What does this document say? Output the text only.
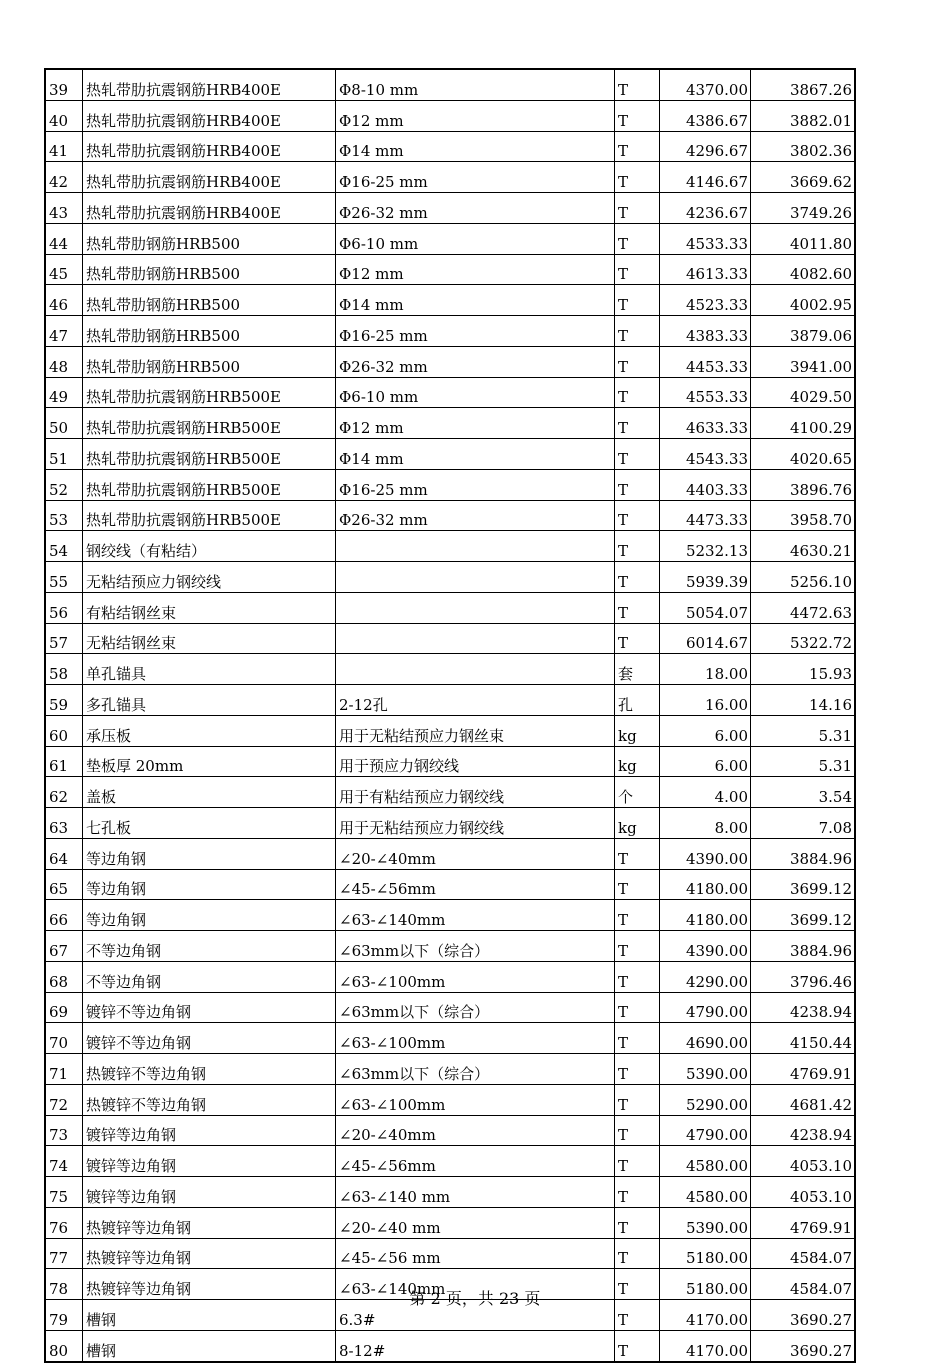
39	热轧带肋抗震钢筋HRB400E	Φ8-10 mm	T	4370.00	3867.26
40	热轧带肋抗震钢筋HRB400E	Φ12 mm	T	4386.67	3882.01
41	热轧带肋抗震钢筋HRB400E	Φ14 mm	T	4296.67	3802.36
42	热轧带肋抗震钢筋HRB400E	Φ16-25 mm	T	4146.67	3669.62
43	热轧带肋抗震钢筋HRB400E	Φ26-32 mm	T	4236.67	3749.26
44	热轧带肋钢筋HRB500	Φ6-10 mm	T	4533.33	4011.80
45	热轧带肋钢筋HRB500	Φ12 mm	T	4613.33	4082.60
46	热轧带肋钢筋HRB500	Φ14 mm	T	4523.33	4002.95
47	热轧带肋钢筋HRB500	Φ16-25 mm	T	4383.33	3879.06
48	热轧带肋钢筋HRB500	Φ26-32 mm	T	4453.33	3941.00
49	热轧带肋抗震钢筋HRB500E	Φ6-10 mm	T	4553.33	4029.50
50	热轧带肋抗震钢筋HRB500E	Φ12 mm	T	4633.33	4100.29
51	热轧带肋抗震钢筋HRB500E	Φ14 mm	T	4543.33	4020.65
52	热轧带肋抗震钢筋HRB500E	Φ16-25 mm	T	4403.33	3896.76
53	热轧带肋抗震钢筋HRB500E	Φ26-32 mm	T	4473.33	3958.70
54	钢绞线（有粘结）		T	5232.13	4630.21
55	无粘结预应力钢绞线		T	5939.39	5256.10
56	有粘结钢丝束		T	5054.07	4472.63
57	无粘结钢丝束		T	6014.67	5322.72
58	单孔锚具		套	18.00	15.93
59	多孔锚具	2-12孔	孔	16.00	14.16
60	承压板	用于无粘结预应力钢丝束	kg	6.00	5.31
61	垫板厚 20mm	用于预应力钢绞线	kg	6.00	5.31
62	盖板	用于有粘结预应力钢绞线	个	4.00	3.54
63	七孔板	用于无粘结预应力钢绞线	kg	8.00	7.08
64	等边角钢	∠20-∠40mm	T	4390.00	3884.96
65	等边角钢	∠45-∠56mm	T	4180.00	3699.12
66	等边角钢	∠63-∠140mm	T	4180.00	3699.12
67	不等边角钢	∠63mm以下（综合）	T	4390.00	3884.96
68	不等边角钢	∠63-∠100mm	T	4290.00	3796.46
69	镀锌不等边角钢	∠63mm以下（综合）	T	4790.00	4238.94
70	镀锌不等边角钢	∠63-∠100mm	T	4690.00	4150.44
71	热镀锌不等边角钢	∠63mm以下（综合）	T	5390.00	4769.91
72	热镀锌不等边角钢	∠63-∠100mm	T	5290.00	4681.42
73	镀锌等边角钢	∠20-∠40mm	T	4790.00	4238.94
74	镀锌等边角钢	∠45-∠56mm	T	4580.00	4053.10
75	镀锌等边角钢	∠63-∠140 mm	T	4580.00	4053.10
76	热镀锌等边角钢	∠20-∠40 mm	T	5390.00	4769.91
77	热镀锌等边角钢	∠45-∠56 mm	T	5180.00	4584.07
78	热镀锌等边角钢	∠63-∠140mm	T	5180.00	4584.07
79	槽钢	6.3#	T	4170.00	3690.27
80	槽钢	8-12#	T	4170.00	3690.27
第 2 页，共 23 页
